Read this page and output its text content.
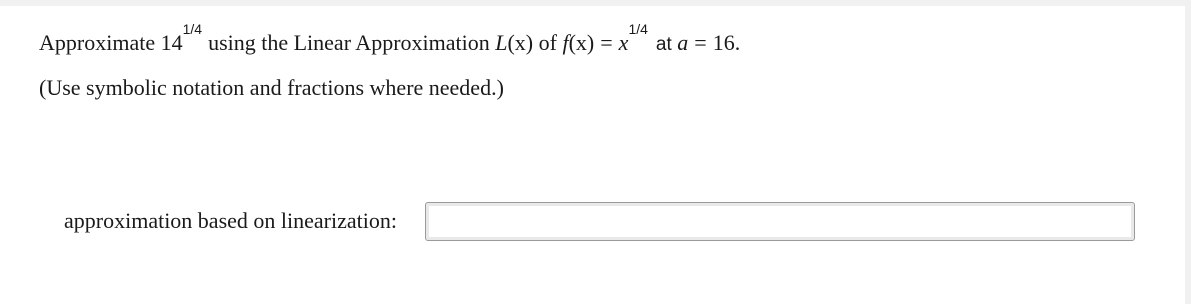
Approximate $14^{1/4}using$ the Linear Approximation L(x) of $f(x) = x^{1/4}at$ a = 16.
(Use symbolic notation and fractions where needed.)
approximation based on linearization:
